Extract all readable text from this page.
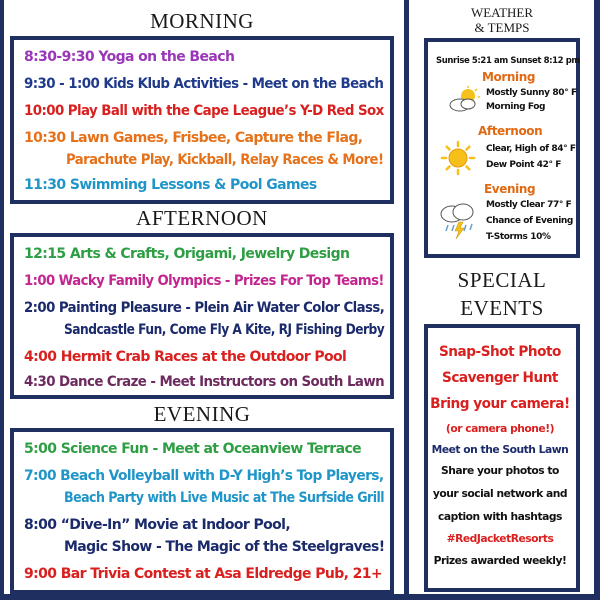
MORNING
8:30-9:30 Yoga on the Beach
9:30 - 1:00 Kids Klub Activities - Meet on the Beach
10:00 Play Ball with the Cape League’s Y-D Red Sox
10:30 Lawn Games, Frisbee, Capture the Flag,
Parachute Play, Kickball, Relay Races & More!
11:30 Swimming Lessons & Pool Games
AFTERNOON
12:15 Arts & Crafts, Origami, Jewelry Design
1:00 Wacky Family Olympics - Prizes For Top Teams!
2:00 Painting Pleasure - Plein Air Water Color Class,
Sandcastle Fun, Come Fly A Kite, RJ Fishing Derby
4:00 Hermit Crab Races at the Outdoor Pool
4:30 Dance Craze - Meet Instructors on South Lawn
EVENING
5:00 Science Fun - Meet at Oceanview Terrace
7:00 Beach Volleyball with D-Y High’s Top Players,
Beach Party with Live Music at The Surfside Grill
8:00 “Dive-In” Movie at Indoor Pool,
Magic Show - The Magic of the Steelgraves!
9:00 Bar Trivia Contest at Asa Eldredge Pub, 21+
WEATHER
& TEMPS
Sunrise 5:21 am Sunset 8:12 pm
Morning
Mostly Sunny 80° F
Morning Fog
Afternoon
Clear, High of 84° F
Dew Point 42° F
Evening
Mostly Clear 77° F
Chance of Evening
T-Storms 10%
SPECIAL
EVENTS
Snap-Shot Photo
Scavenger Hunt
Bring your camera!
(or camera phone!)
Meet on the South Lawn
Share your photos to
your social network and
caption with hashtags
#RedJacketResorts
Prizes awarded weekly!
